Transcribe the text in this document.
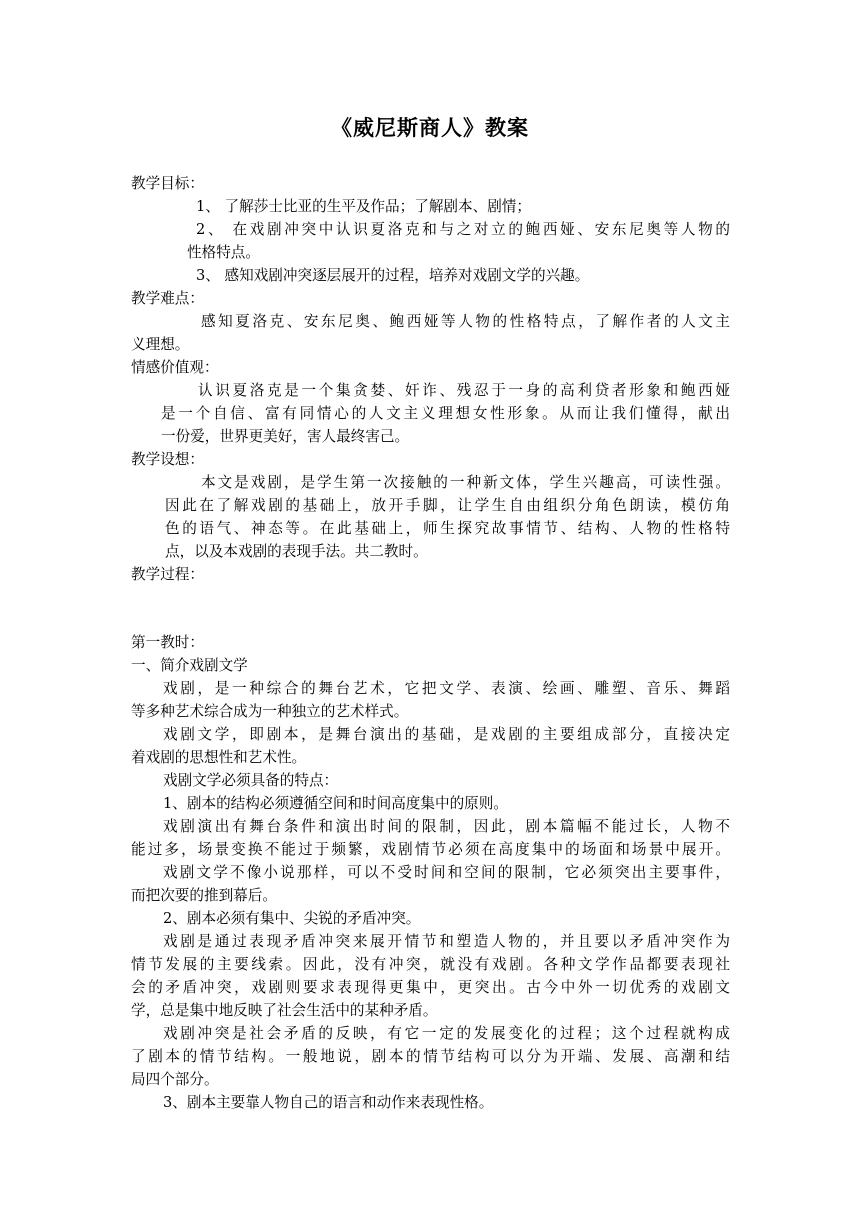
《威尼斯商人》教案
教学目标：
1、 了解莎士比亚的生平及作品；了解剧本、剧情；
2、 在戏剧冲突中认识夏洛克和与之对立的鲍西娅、安东尼奥等人物的
性格特点。
3、 感知戏剧冲突逐层展开的过程，培养对戏剧文学的兴趣。
教学难点：
感知夏洛克、安东尼奥、鲍西娅等人物的性格特点，了解作者的人文主
义理想。
情感价值观：
认识夏洛克是一个集贪婪、奸诈、残忍于一身的高利贷者形象和鲍西娅
是一个自信、富有同情心的人文主义理想女性形象。从而让我们懂得，献出
一份爱，世界更美好，害人最终害己。
教学设想：
本文是戏剧，是学生第一次接触的一种新文体，学生兴趣高，可读性强。
因此在了解戏剧的基础上，放开手脚，让学生自由组织分角色朗读，模仿角
色的语气、神态等。在此基础上，师生探究故事情节、结构、人物的性格特
点，以及本戏剧的表现手法。共二教时。
教学过程：
第一教时：
一、简介戏剧文学
戏剧，是一种综合的舞台艺术，它把文学、表演、绘画、雕塑、音乐、舞蹈
等多种艺术综合成为一种独立的艺术样式。
戏剧文学，即剧本，是舞台演出的基础，是戏剧的主要组成部分，直接决定
着戏剧的思想性和艺术性。
戏剧文学必须具备的特点：
1、剧本的结构必须遵循空间和时间高度集中的原则。
戏剧演出有舞台条件和演出时间的限制，因此，剧本篇幅不能过长，人物不
能过多，场景变换不能过于频繁，戏剧情节必须在高度集中的场面和场景中展开。
戏剧文学不像小说那样，可以不受时间和空间的限制，它必须突出主要事件，
而把次要的推到幕后。
2、剧本必须有集中、尖锐的矛盾冲突。
戏剧是通过表现矛盾冲突来展开情节和塑造人物的，并且要以矛盾冲突作为
情节发展的主要线索。因此，没有冲突，就没有戏剧。各种文学作品都要表现社
会的矛盾冲突，戏剧则要求表现得更集中，更突出。古今中外一切优秀的戏剧文
学，总是集中地反映了社会生活中的某种矛盾。
戏剧冲突是社会矛盾的反映，有它一定的发展变化的过程；这个过程就构成
了剧本的情节结构。一般地说，剧本的情节结构可以分为开端、发展、高潮和结
局四个部分。
3、剧本主要靠人物自己的语言和动作来表现性格。
